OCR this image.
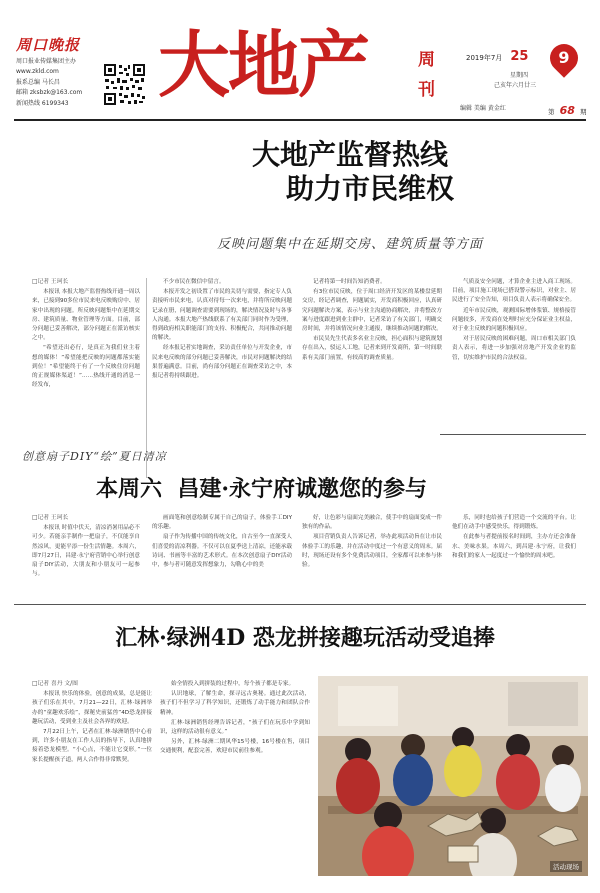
周口晚报
周口报业传媒集团主办
www.zkld.com
报系总编 马长昌
邮箱 zksbzk@163.com
新闻热线 6199343	大地产	周
刊
2019年7月 25
星期四
己亥年六月廿三
9
编辑 美编 黄金红	第 68 期
大地产监督热线
助力市民维权
反映问题集中在延期交房、建筑质量等方面

□记者 王珂长

本报讯 本报大地产监督热线开通一周以来，已接到90多位市民来电反映购房中、居家中出现的问题。所反映问题集中在延期交房、建筑质量、物业管理等方面。目前，部分问题已妥善解决，部分问题正在派访核实之中。

“希望还出必行，是真正为我们业主着想的媒体！”希望能把反映的问题都落实能到位！“希望能终于有了一个反映住房问题的正规媒体渠道！”……热线开通的消息一经发布，

不少市民在微信中留言。

本报开发之初设置了市民的关切与需要，指定专人负责接听市民来电，认真对待每一次来电，并将所反映问题记录在册，问题调查需要到现场的，解决情况及时与各事人沟通。本报大地产热线联系了有关部门同时作为受理，得到政府相关职能部门的支持、积极配合，共同推动问题的解决。

经本报记者实地调查，采访责任单位与开发企业，市民来电反映的部分问题已妥善解决，市民对问题解决的结果普遍满意。目前，尚有部分问题正在调查采访之中，本报记者将持续跟进。

记者将第一时间告知消费者。

有3位市民反映，位于周口经济开发区的某楼盘延期交房，经记者调查，问题属实，开发商积极回应，认真研究问题解决方案，表示与业主沟通协商解决，并将整改方案与进度跟进到业主群中，记者采访了有关部门，明确交房时间，并将该情况向业主通报，继续推动问题的解决。

市民吴先生代表多名业主反映，担心面积与建筑规划存在出入，驳运人工地，记者来到开发商所，第一时间联系有关部门前置，有较高的调查质量。

气质及安全问题，才算企业主进入商工现场。目前，项目施工现场已搭设警示标识，对业主、居民进行了安全告知，项目负责人表示将确保安全。

近年市民反映，观测国际增体浆镇、规格接管问题较多，开发商在处理时应充分保证业主权益，对于业主反映的问题积极回应。

对于居民反映的困难问题，周口市相关部门负责人表示，将进一步加强对房地产开发企业的监管，切实维护市民的合法权益。

创意扇子DIY“绘”夏日清凉
本周六  昌建·永宁府诚邀您的参与

□记者 王珂长

本报讯 时值中伏天，清凉消暑用品必不可少。若能亲手制作一把扇子，不仅能享自然凉风，更能平添一份生活情趣。本周六，即7月27日，昌建·永宁府营销中心举行创意扇子DIY活动，大朋友和小朋友可一起参与。

画面笔和创意绘制专属于自己的扇子，体验手工DIY的乐趣。

扇子作为传播中国的传统文化，自古至今一直深受人们喜爱的清凉利器。不仅可以在夏季送上清凉，还能承载诗词、书画等丰富的艺术形式。在本次创意扇子DIY活动中，参与者可随意发挥想象力，勾勒心中的美

好，让色彩与扇面完美融合，使手中的扇面变成一件独有的作品。

项目营销负责人告诉记者，举办此项活动旨在让市民体验手工的乐趣，并在活动中度过一个有意义的周末。届时，现场还设有多个免费活动项目，全家都可以来参与体验。

乐，同时也给孩子们营造一个交流的平台。让他们在动手中感受快乐，得到锻炼。

在此参与者提前报名时间到，主办方还会准备水、美味水果。本周六，到昌建·永宁府，让我们和我们的家人一起度过一个愉快的周末吧。

汇林·绿洲4D 恐龙拼接趣玩活动受追捧

□记者 喜丹 文/图

本报讯 快乐的体验，创意的成果，总是能让孩子们乐在其中。7月21—22日，汇林·绿洲举办的“童趣欢乐绘”，探秘史前猛兽”4D恐龙拼接趣玩活动，受到业主及社会各界的欢迎。

7月22日上午，记者在汇林·绿洲销售中心看到，许多小朋友在工作人员的指导下，认真地拼接着恐龙模型。“小心点，不能让它变形。”一位家长提醒孩子道，两人合作得非常默契。

始全情投入到拼装的过程中，每个孩子都是专家。

认识地球，了解生命，探寻远古奥秘。通过此次活动，孩子们不但学习了科学知识，还锻炼了动手能力和团队合作精神。

汇林·绿洲销售经理告诉记者，“孩子们在玩乐中学到知识，这样的活动很有意义。”

另外，汇林·绿洲二期风华15号楼，16号楼在售，项目交通便利，配套完善，欢迎市民前往参观。

活动现场
